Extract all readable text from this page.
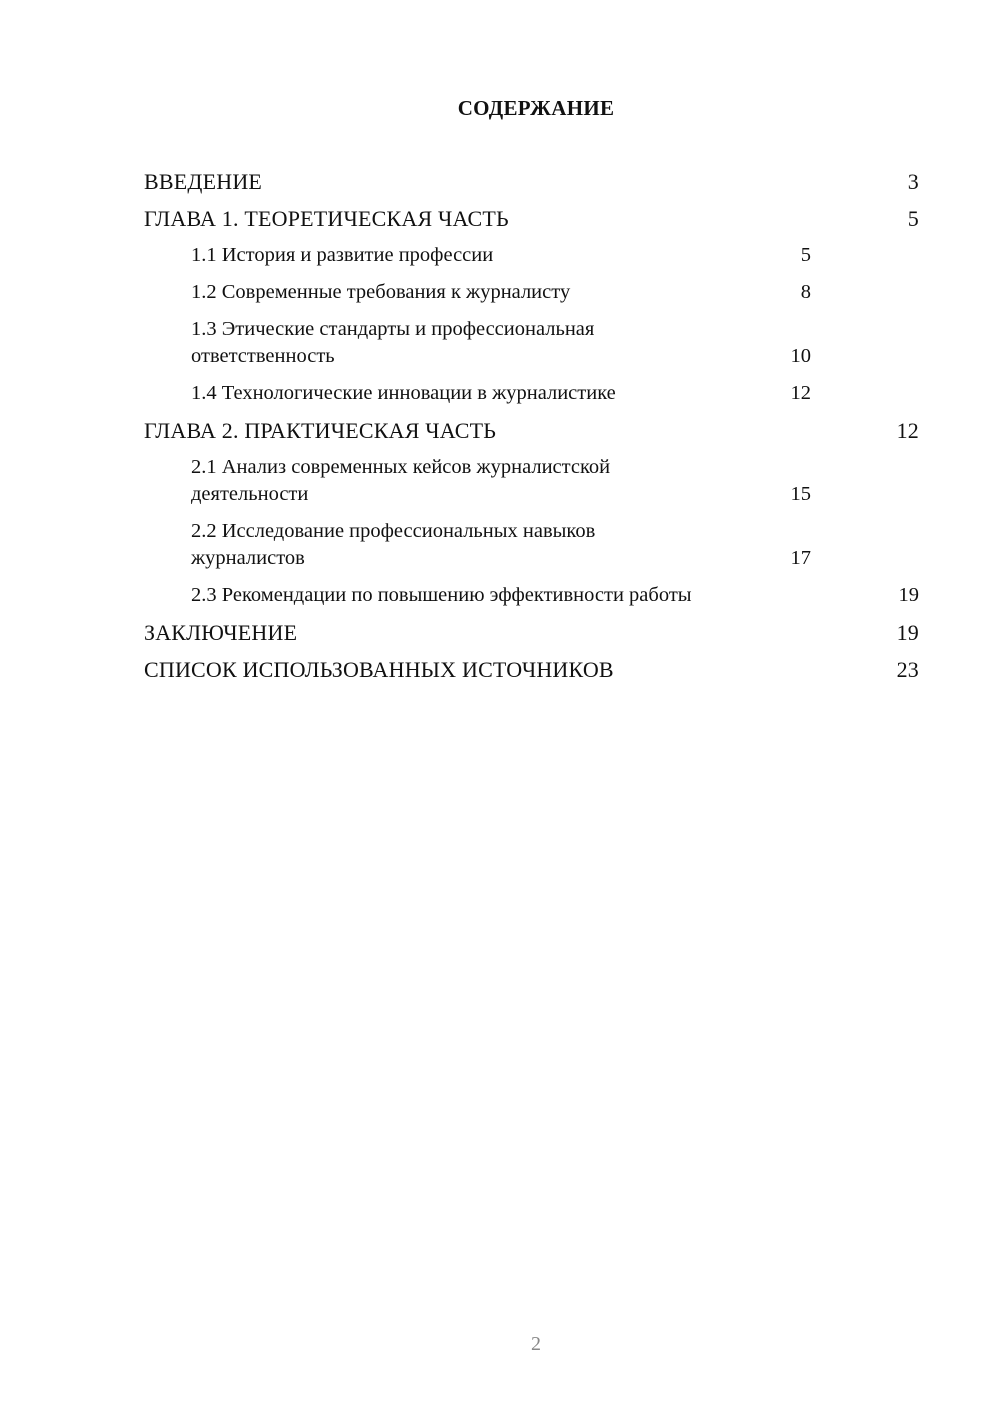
СОДЕРЖАНИЕ
ВВЕДЕНИЕ	3
ГЛАВА 1. ТЕОРЕТИЧЕСКАЯ ЧАСТЬ	5
1.1 История и развитие профессии	5
1.2 Современные требования к журналисту	8
1.3 Этические стандарты и профессиональная ответственность	10
1.4 Технологические инновации в журналистике	12
ГЛАВА 2. ПРАКТИЧЕСКАЯ ЧАСТЬ	12
2.1 Анализ современных кейсов журналистской деятельности	15
2.2 Исследование профессиональных навыков журналистов	17
2.3 Рекомендации по повышению эффективности работы	19
ЗАКЛЮЧЕНИЕ	19
СПИСОК ИСПОЛЬЗОВАННЫХ ИСТОЧНИКОВ	23
2
